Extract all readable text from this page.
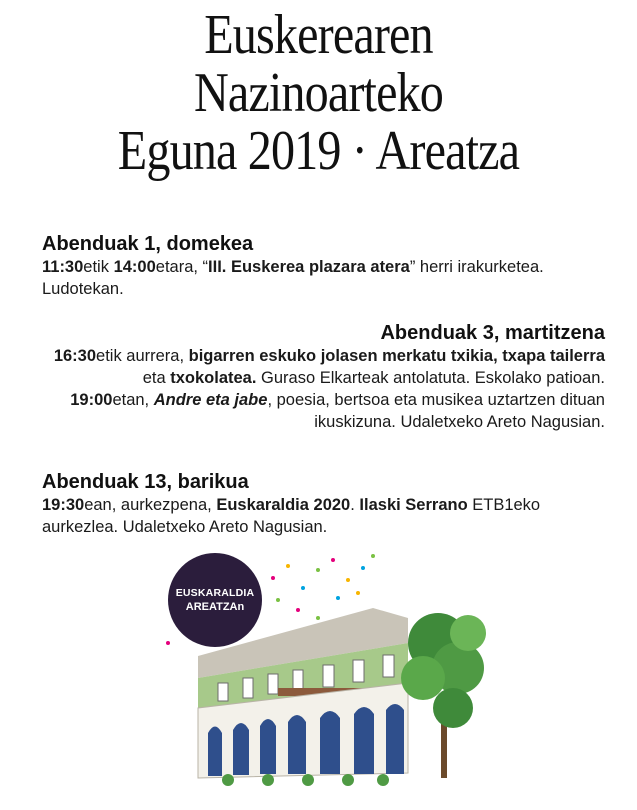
Euskerearen
Nazinoarteko
Eguna 2019 · Areatza
Abenduak 1, domekea

11:30etik 14:00etara, “III. Euskerea plazara atera” herri irakurketea. Ludotekan.

Abenduak 3, martitzena

16:30etik aurrera, bigarren eskuko jolasen merkatu txikia, txapa tailerra eta txokolatea. Guraso Elkarteak antolatuta. Eskolako patioan.

19:00etan, Andre eta jabe, poesia, bertsoa eta musikea uztartzen dituan ikuskizuna. Udaletxeko Areto Nagusian.

Abenduak 13, barikua

19:30ean, aurkezpena, Euskaraldia 2020. Ilaski Serrano ETB1eko aurkezlea. Udaletxeko Areto Nagusian.

EUSKARALDIA
AREATZAn
